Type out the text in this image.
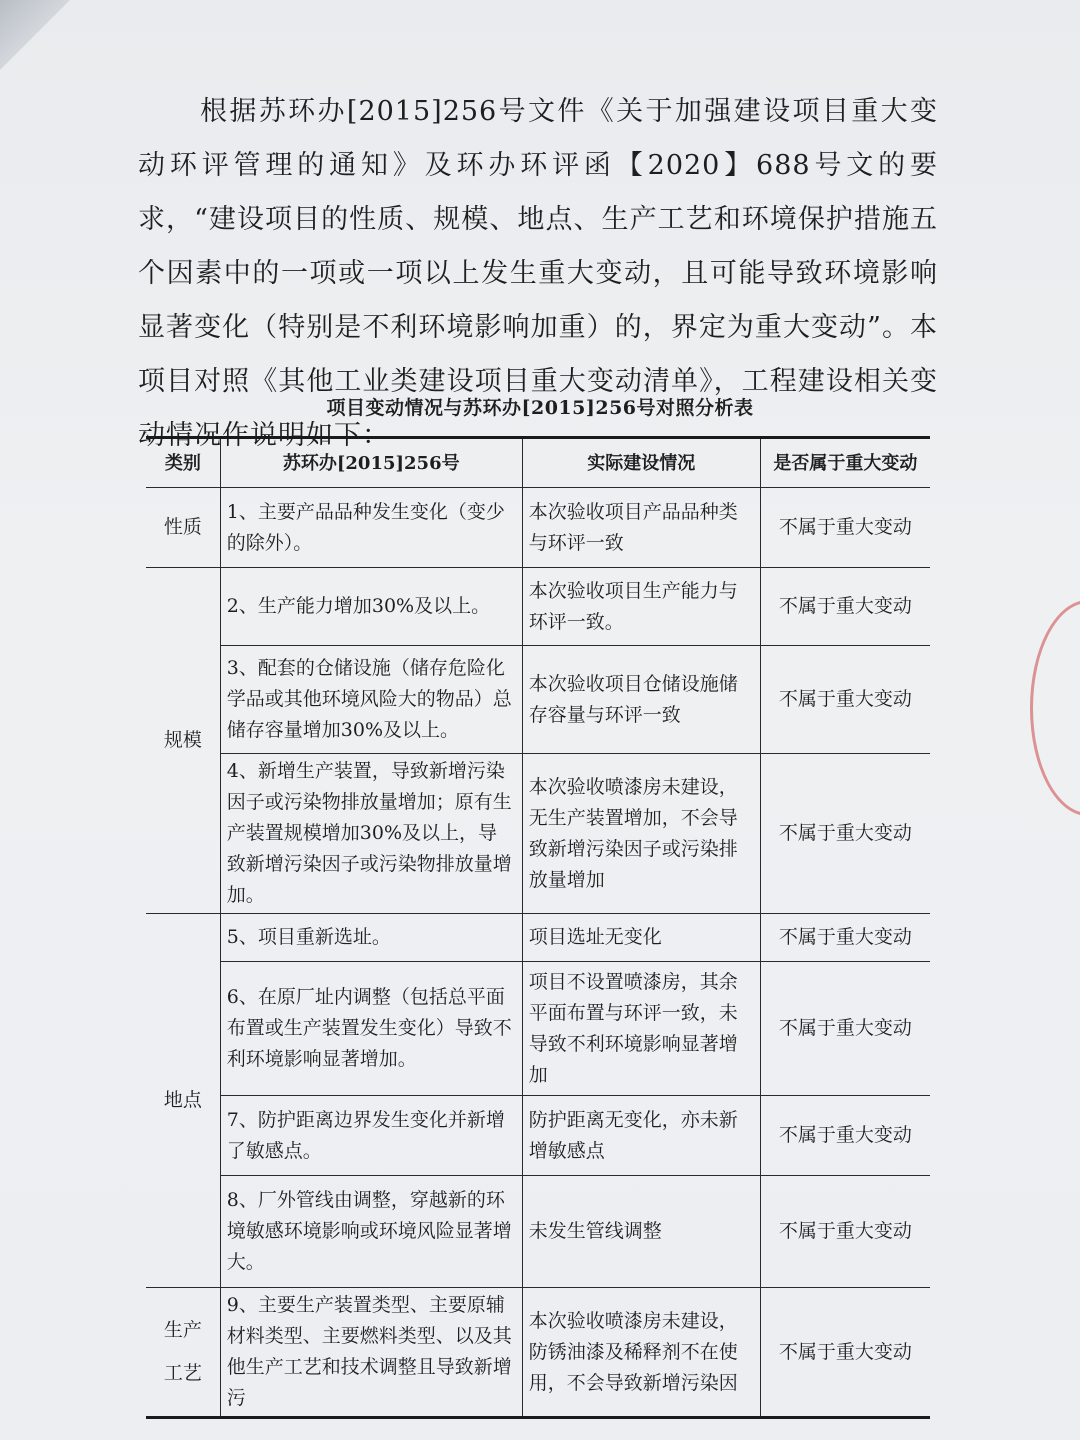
根据苏环办[2015]256号文件《关于加强建设项目重大变动环评管理的通知》及环办环评函【2020】688号文的要求，“建设项目的性质、规模、地点、生产工艺和环境保护措施五个因素中的一项或一项以上发生重大变动，且可能导致环境影响显著变化（特别是不利环境影响加重）的，界定为重大变动”。本项目对照《其他工业类建设项目重大变动清单》，工程建设相关变动情况作说明如下：

项目变动情况与苏环办[2015]256号对照分析表
类别	苏环办[2015]256号	实际建设情况	是否属于重大变动
性质	1、主要产品品种发生变化（变少的除外）。	本次验收项目产品品种类与环评一致	不属于重大变动
规模	2、生产能力增加30%及以上。	本次验收项目生产能力与环评一致。	不属于重大变动
	3、配套的仓储设施（储存危险化学品或其他环境风险大的物品）总储存容量增加30%及以上。	本次验收项目仓储设施储存容量与环评一致	不属于重大变动
	4、新增生产装置，导致新增污染因子或污染物排放量增加；原有生产装置规模增加30%及以上，导致新增污染因子或污染物排放量增加。	本次验收喷漆房未建设，无生产装置增加，不会导致新增污染因子或污染排放量增加	不属于重大变动
地点	5、项目重新选址。	项目选址无变化	不属于重大变动
	6、在原厂址内调整（包括总平面布置或生产装置发生变化）导致不利环境影响显著增加。	项目不设置喷漆房，其余平面布置与环评一致，未导致不利环境影响显著增加	不属于重大变动
	7、防护距离边界发生变化并新增了敏感点。	防护距离无变化，亦未新增敏感点	不属于重大变动
	8、厂外管线由调整，穿越新的环境敏感环境影响或环境风险显著增大。	未发生管线调整	不属于重大变动

生产
工艺	9、主要生产装置类型、主要原辅材料类型、主要燃料类型、以及其他生产工艺和技术调整且导致新增污	本次验收喷漆房未建设，防锈油漆及稀释剂不在使用，不会导致新增污染因	不属于重大变动
